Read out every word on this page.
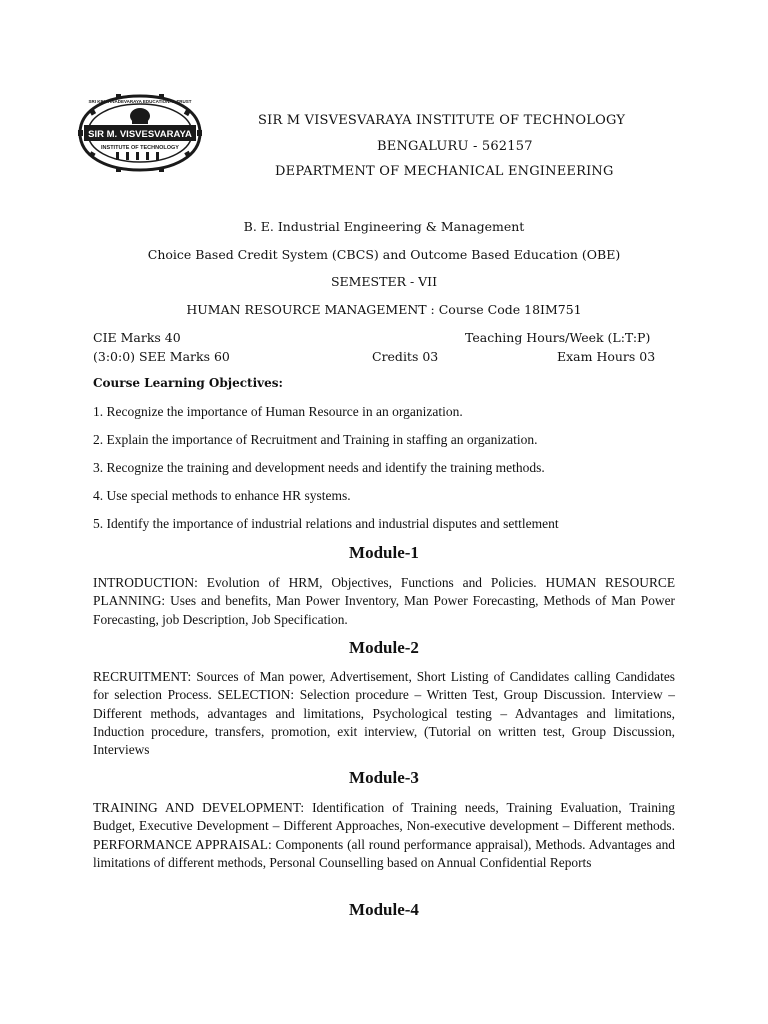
SIR M. VISVESVARAYA
INSTITUTE OF TECHNOLOGY
SRI KRISHNADEVARAYA EDUCATIONAL TRUST
SIR M VISVESVARAYA INSTITUTE OF TECHNOLOGY
BENGALURU - 562157
DEPARTMENT OF MECHANICAL ENGINEERING
B. E. Industrial Engineering & Management
Choice Based Credit System (CBCS) and Outcome Based Education (OBE)
SEMESTER - VII
HUMAN RESOURCE MANAGEMENT : Course Code 18IM751
CIE Marks 40	Teaching Hours/Week (L:T:P)
(3:0:0) SEE Marks 60	Credits 03	Exam Hours 03
Course Learning Objectives:
1. Recognize the importance of Human Resource in an organization.
2. Explain the importance of Recruitment and Training in staffing an organization.
3. Recognize the training and development needs and identify the training methods.
4. Use special methods to enhance HR systems.
5. Identify the importance of industrial relations and industrial disputes and settlement
Module-1
INTRODUCTION: Evolution of HRM, Objectives, Functions and Policies. HUMAN RESOURCE PLANNING: Uses and benefits, Man Power Inventory, Man Power Forecasting, Methods of Man Power Forecasting, job Description, Job Specification.
Module-2
RECRUITMENT: Sources of Man power, Advertisement, Short Listing of Candidates calling Candidates for selection Process. SELECTION: Selection procedure – Written Test, Group Discussion. Interview – Different methods, advantages and limitations, Psychological testing – Advantages and limitations, Induction procedure, transfers, promotion, exit interview, (Tutorial on written test, Group Discussion, Interviews
Module-3
TRAINING AND DEVELOPMENT: Identification of Training needs, Training Evaluation, Training Budget, Executive Development – Different Approaches, Non-executive development – Different methods. PERFORMANCE APPRAISAL: Components (all round performance appraisal), Methods. Advantages and limitations of different methods, Personal Counselling based on Annual Confidential Reports
Module-4
